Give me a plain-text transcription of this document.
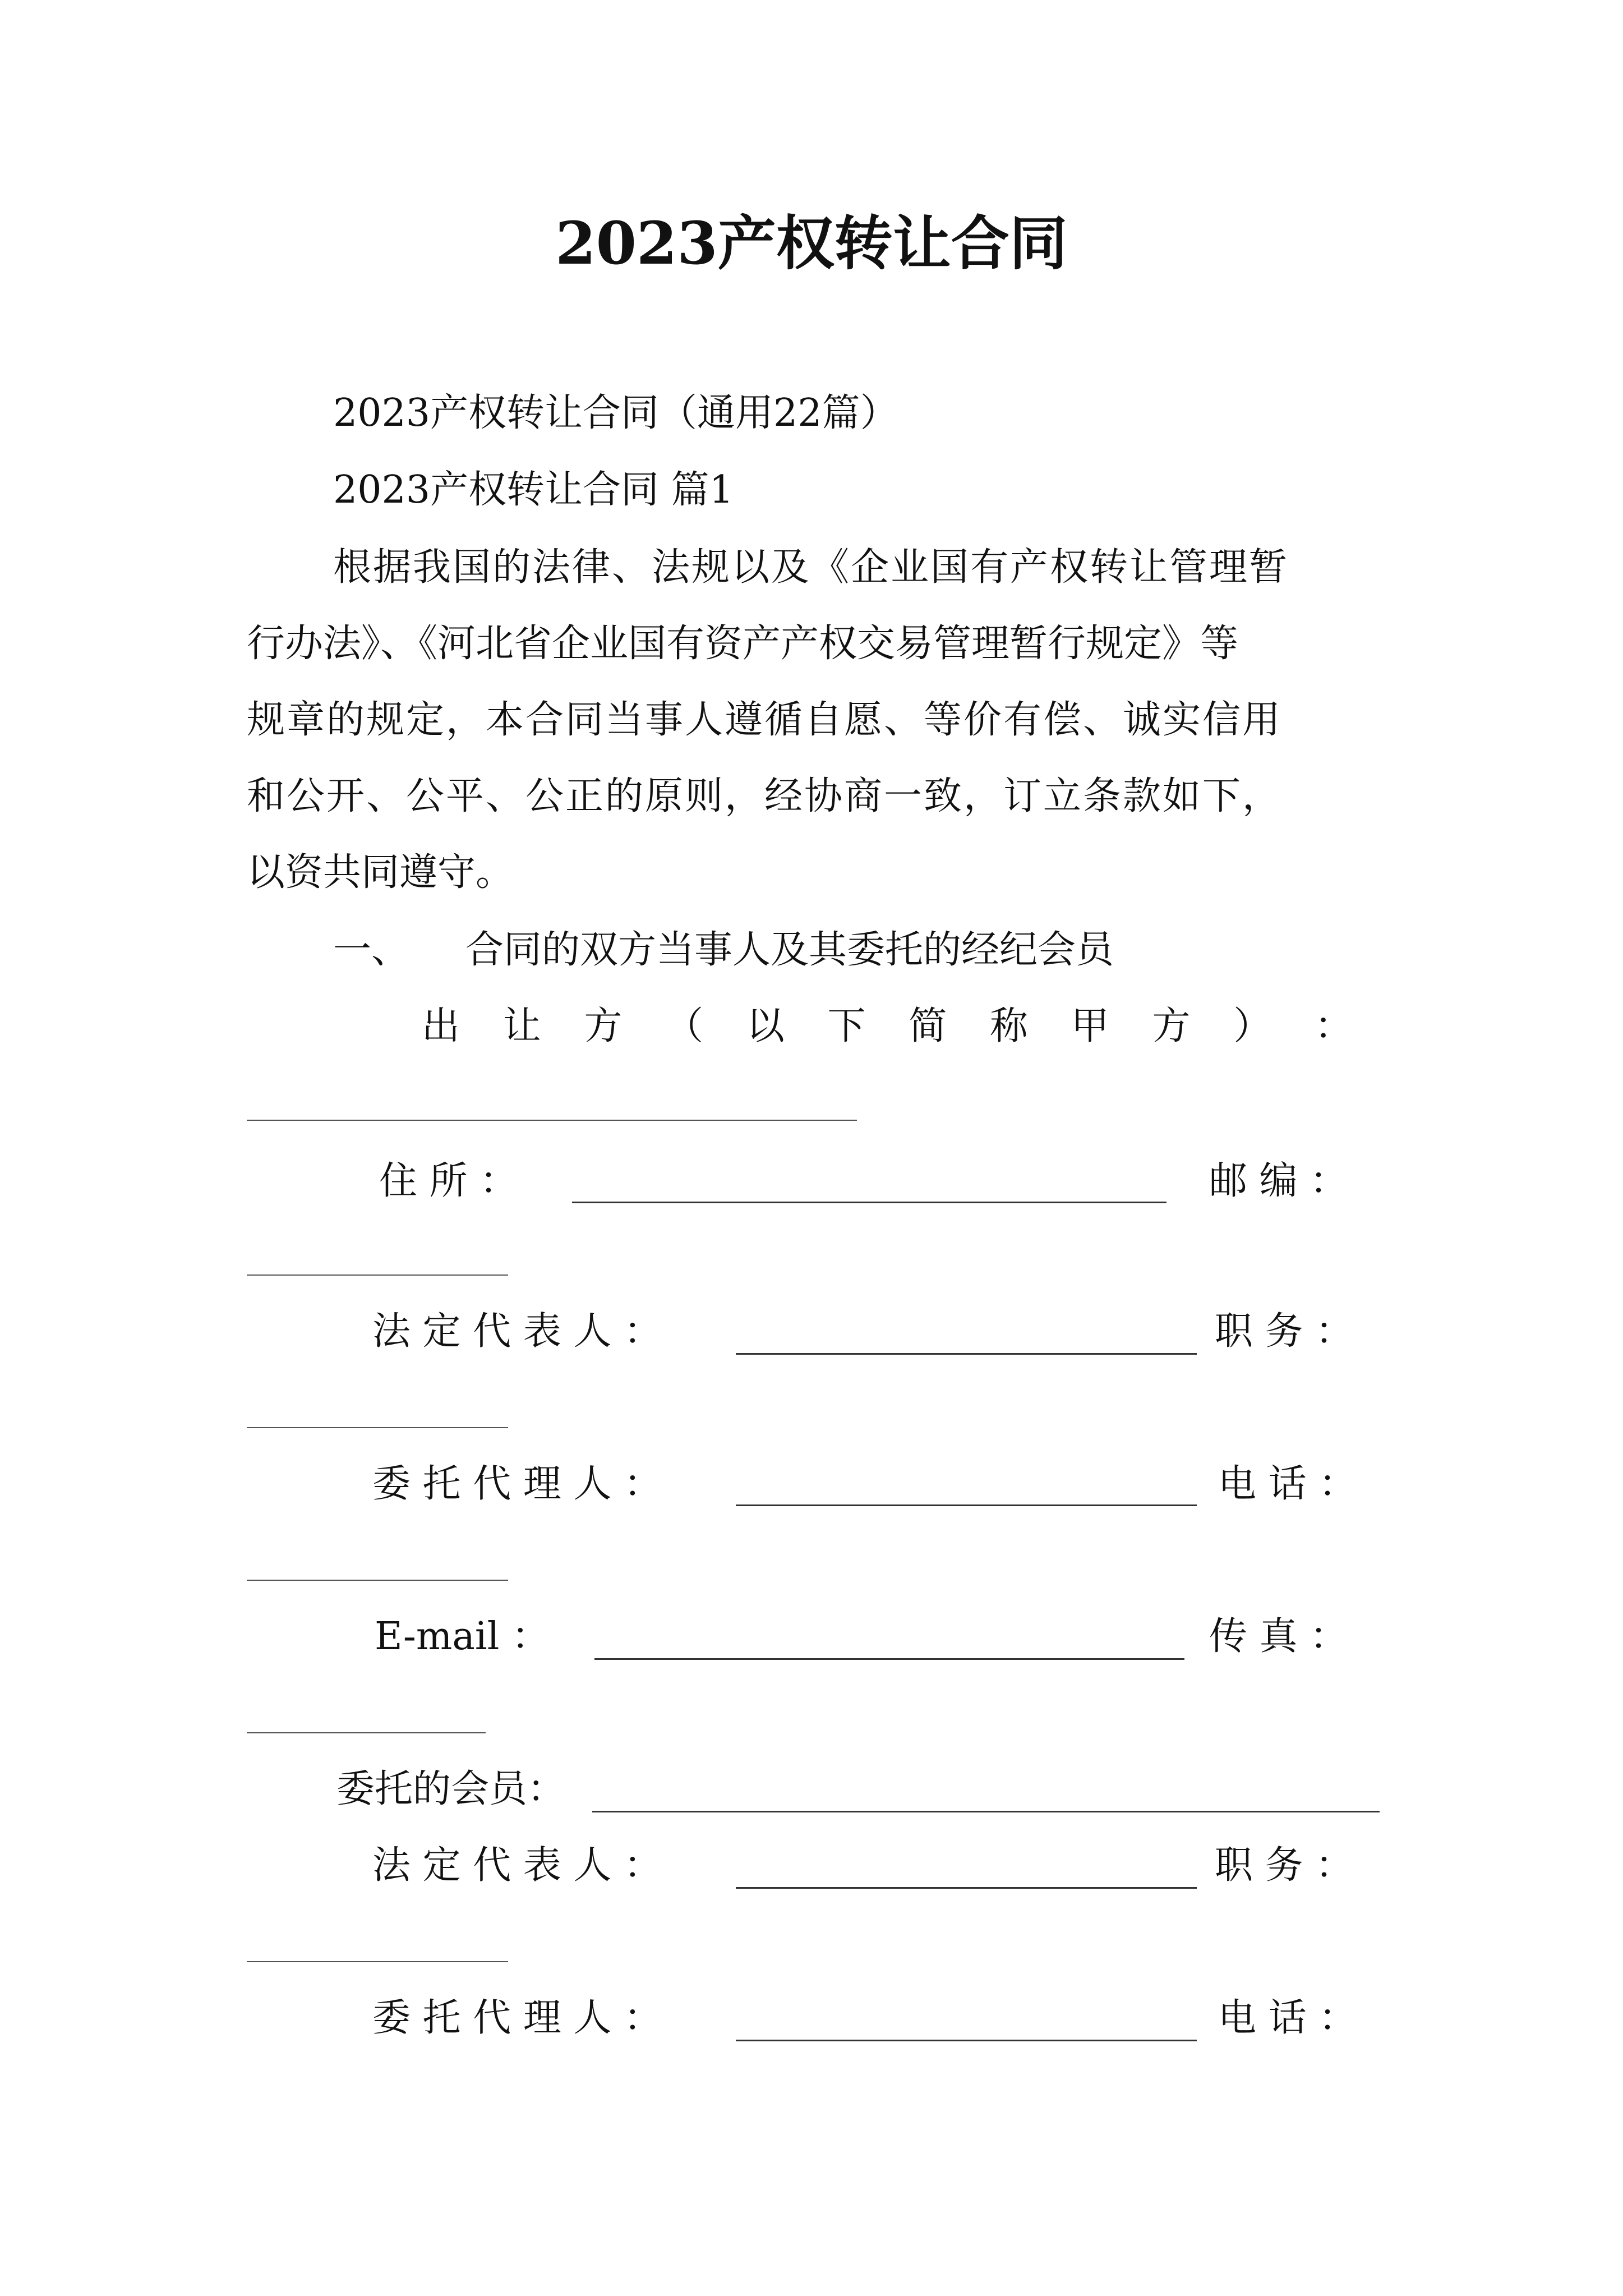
2023产权转让合同
2023产权转让合同（通用22篇）
2023产权转让合同 篇1
根据我国的法律、法规以及《企业国有产权转让管理暂
行办法》、《河北省企业国有资产产权交易管理暂行规定》等
规章的规定，本合同当事人遵循自愿、等价有偿、诚实信用
和公开、公平、公正的原则，经协商一致，订立条款如下，
以资共同遵守。
一、 合同的双方当事人及其委托的经纪会员
出 让 方 （ 以 下 简 称 甲 方 ） ：
住 所 ：	邮 编 ：
法 定 代 表 人 ：	职 务 ：
委 托 代 理 人 ：	电 话 ：
E-mail ：	传 真 ：
委托的会员：
法 定 代 表 人 ：	职 务 ：
委 托 代 理 人 ：	电 话 ：
